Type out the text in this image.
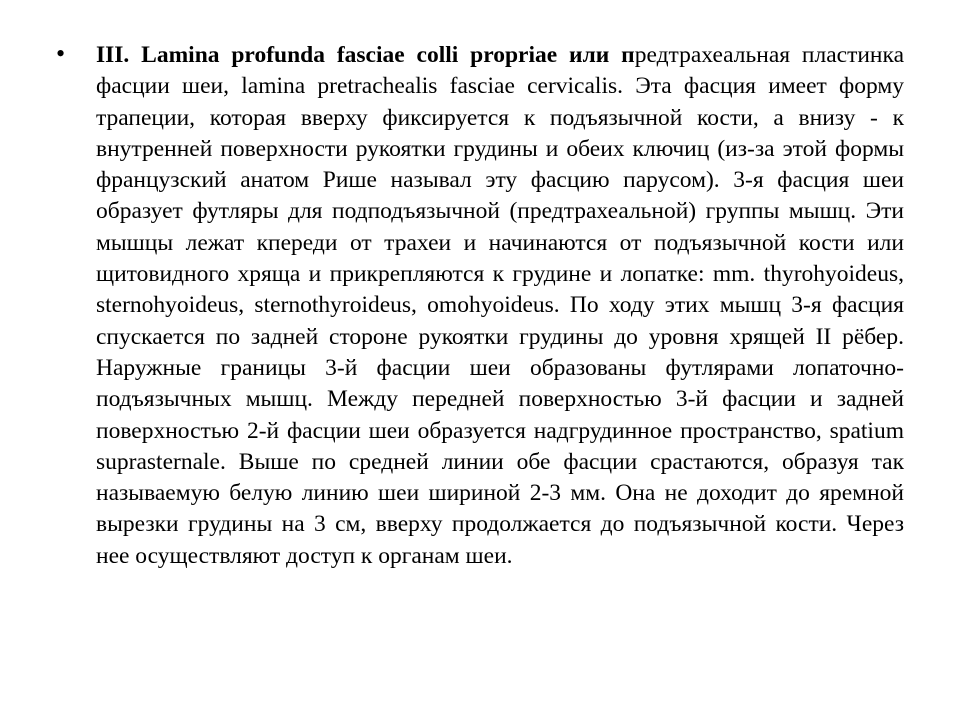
• III. Lamina profunda fasciae colli propriae или предтрахеальная пластинка фасции шеи, lamina pretrachealis fasciae cervicalis. Эта фасция имеет форму трапеции, которая вверху фиксируется к подъязычной кости, а внизу - к внутренней поверхности рукоятки грудины и обеих ключиц (из-за этой формы французский анатом Рише называл эту фасцию парусом). 3-я фасция шеи образует футляры для подподъязычной (предтрахеальной) группы мышц. Эти мышцы лежат кпереди от трахеи и начинаются от подъязычной кости или щитовидного хряща и прикрепляются к грудине и лопатке: mm. thyrohyoideus, sternohyoideus, sternothyroideus, omohyoideus. По ходу этих мышц 3-я фасция спускается по задней стороне рукоятки грудины до уровня хрящей II рёбер. Наружные границы 3-й фасции шеи образованы футлярами лопаточно-подъязычных мышц. Между передней поверхностью 3-й фасции и задней поверхностью 2-й фасции шеи образуется надгрудинное пространство, spatium suprasternale. Выше по средней линии обе фасции срастаются, образуя так называемую белую линию шеи шириной 2-3 мм. Она не доходит до яремной вырезки грудины на 3 см, вверху продолжается до подъязычной кости. Через нее осуществляют доступ к органам шеи.
